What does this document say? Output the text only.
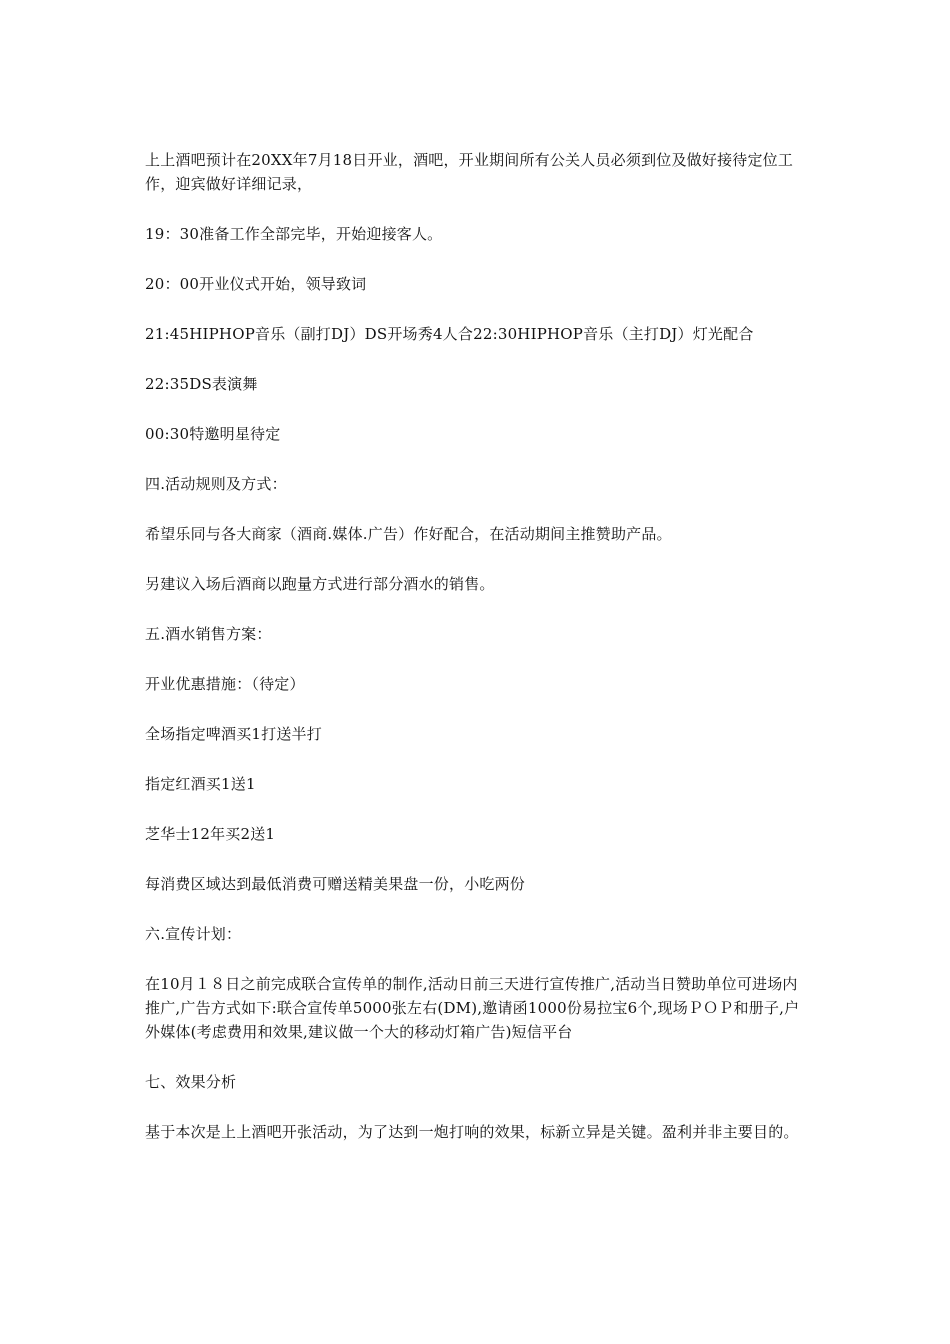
上上酒吧预计在20XX年7月18日开业，酒吧，开业期间所有公关人员必须到位及做好接待定位工作，迎宾做好详细记录，

19：30准备工作全部完毕，开始迎接客人。

20：00开业仪式开始，领导致词

21:45HIPHOP音乐（副打DJ）DS开场秀4人合22:30HIPHOP音乐（主打DJ）灯光配合

22:35DS表演舞

00:30特邀明星待定

四.活动规则及方式：

希望乐同与各大商家（酒商.媒体.广告）作好配合，在活动期间主推赞助产品。

另建议入场后酒商以跑量方式进行部分酒水的销售。

五.酒水销售方案：

开业优惠措施：（待定）

全场指定啤酒买1打送半打

指定红酒买1送1

芝华士12年买2送1

每消费区域达到最低消费可赠送精美果盘一份，小吃两份

六.宣传计划：

在10月１８日之前完成联合宣传单的制作,活动日前三天进行宣传推广,活动当日赞助单位可进场内推广,广告方式如下:联合宣传单5000张左右(DM),邀请函1000份易拉宝6个,现场ＰＯＰ和册子,户外媒体(考虑费用和效果,建议做一个大的移动灯箱广告)短信平台

七、效果分析

基于本次是上上酒吧开张活动，为了达到一炮打响的效果，标新立异是关键。盈利并非主要目的。
